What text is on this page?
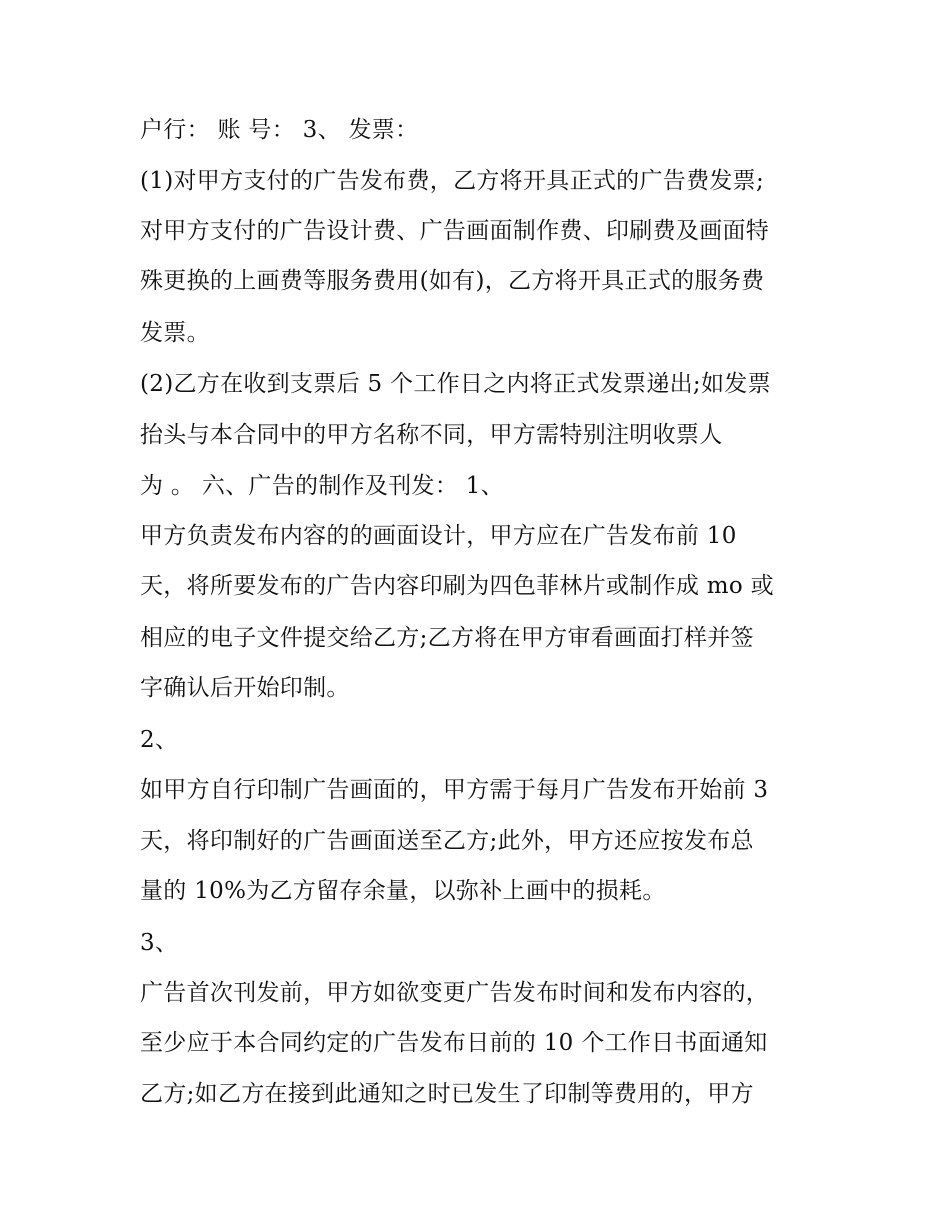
户行： 账 号： 3、 发票：
(1)对甲方支付的广告发布费，乙方将开具正式的广告费发票;
对甲方支付的广告设计费、广告画面制作费、印刷费及画面特
殊更换的上画费等服务费用(如有)，乙方将开具正式的服务费
发票。
(2)乙方在收到支票后 5 个工作日之内将正式发票递出;如发票
抬头与本合同中的甲方名称不同，甲方需特别注明收票人
为 。 六、广告的制作及刊发： 1、
甲方负责发布内容的的画面设计，甲方应在广告发布前 10
天，将所要发布的广告内容印刷为四色菲林片或制作成 mo 或
相应的电子文件提交给乙方;乙方将在甲方审看画面打样并签
字确认后开始印制。
2、
如甲方自行印制广告画面的，甲方需于每月广告发布开始前 3
天，将印制好的广告画面送至乙方;此外，甲方还应按发布总
量的 10%为乙方留存余量，以弥补上画中的损耗。
3、
广告首次刊发前，甲方如欲变更广告发布时间和发布内容的，
至少应于本合同约定的广告发布日前的 10 个工作日书面通知
乙方;如乙方在接到此通知之时已发生了印制等费用的，甲方
